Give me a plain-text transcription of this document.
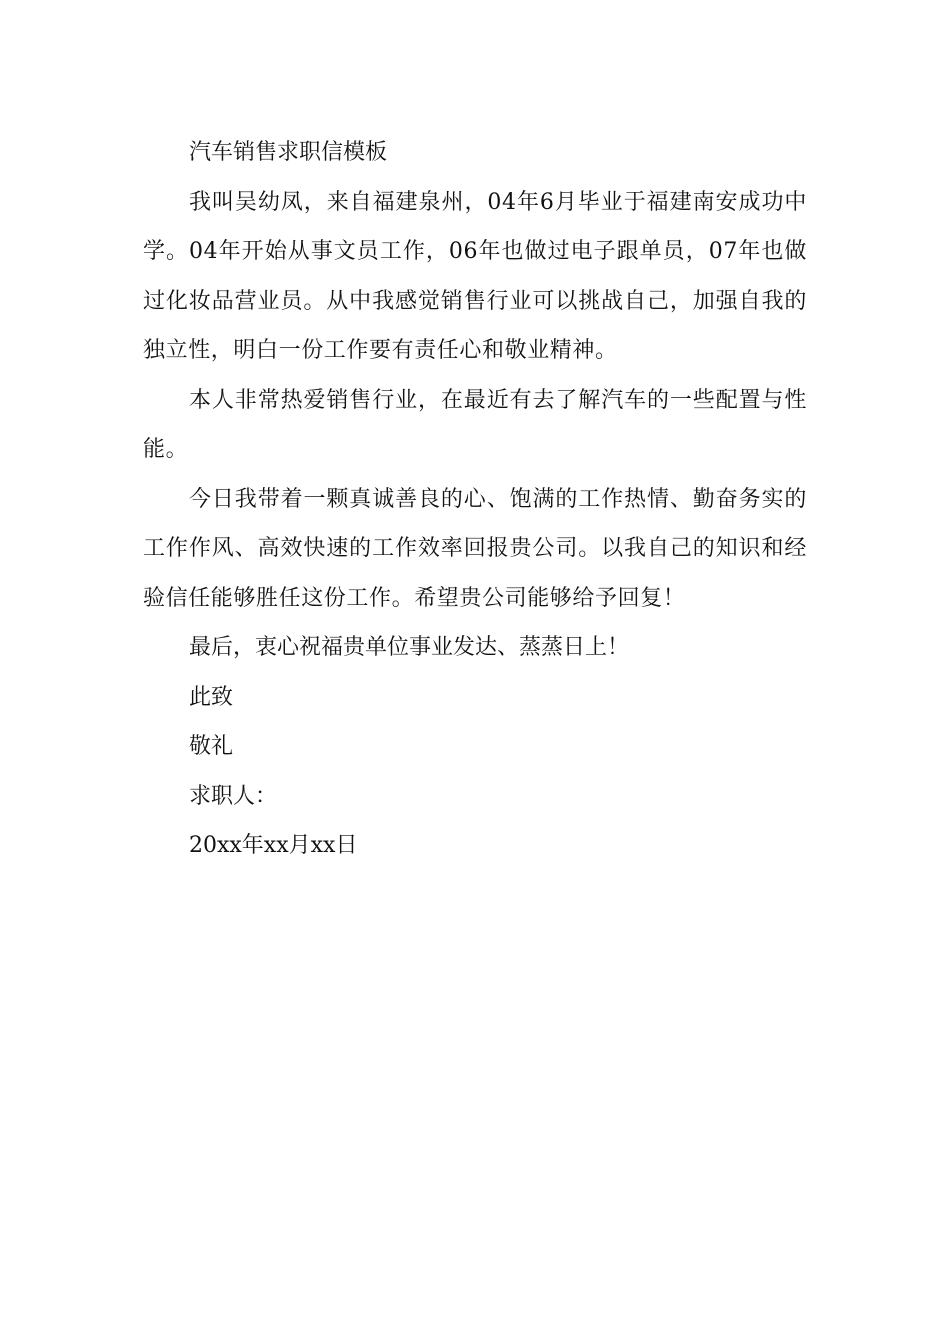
汽车销售求职信模板

我叫吴幼凤，来自福建泉州，04年6月毕业于福建南安成功中学。04年开始从事文员工作，06年也做过电子跟单员，07年也做过化妆品营业员。从中我感觉销售行业可以挑战自己，加强自我的独立性，明白一份工作要有责任心和敬业精神。

本人非常热爱销售行业，在最近有去了解汽车的一些配置与性能。

今日我带着一颗真诚善良的心、饱满的工作热情、勤奋务实的工作作风、高效快速的工作效率回报贵公司。以我自己的知识和经验信任能够胜任这份工作。希望贵公司能够给予回复！

最后，衷心祝福贵单位事业发达、蒸蒸日上！

此致

敬礼

求职人：

20xx年xx月xx日
